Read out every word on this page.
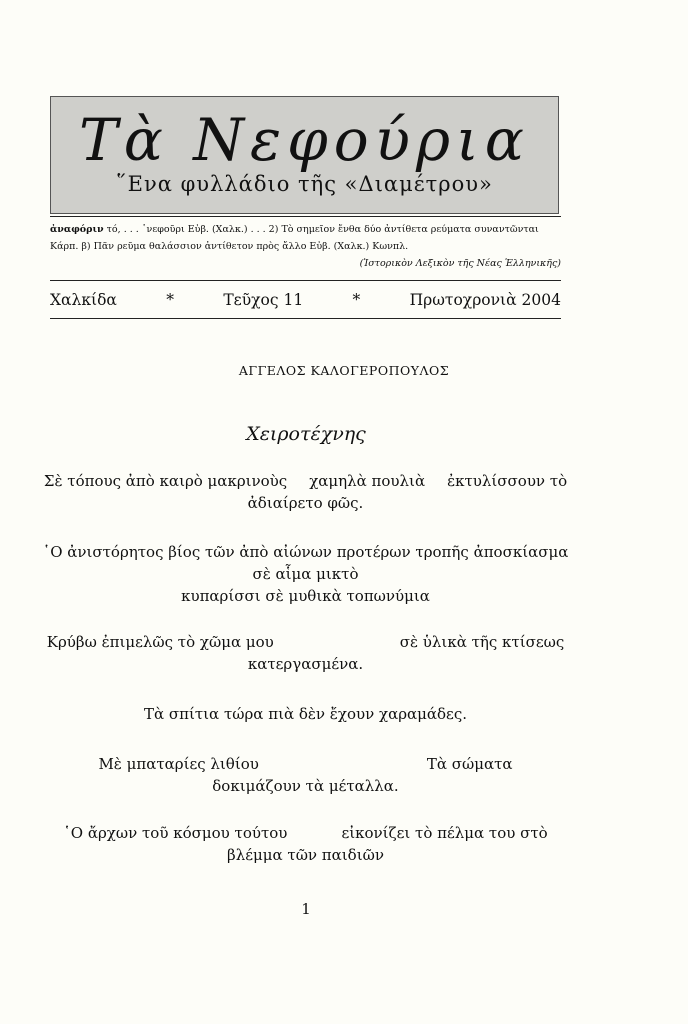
Τὰ Νεφούρια
῞Ενα φυλλάδιο τῆς «Διαμέτρου»
ἀναφόριν τό, . . . ῾νεφοῦρι Εὐβ. (Χαλκ.) . . . 2) Τὸ σημεῖον ἔνθα δύο ἀντίθετα ρεύματα συναντῶνται
Κάρπ. β) Πᾶν ρεῦμα θαλάσσιον ἀντίθετον πρὸς ἄλλο Εὐβ. (Χαλκ.) Κωνπλ.
(Ἱστορικὸν Λεξικὸν τῆς Νέας Ἑλληνικῆς)
Χαλκίδα	*	Τεῦχος 11	*	Πρωτοχρονιὰ 2004
ΑΓΓΕΛΟΣ ΚΑΛΟΓΕΡΟΠΟΥΛΟΣ
Χειροτέχνης
Σὲ τόπους ἀπὸ καιρὸ μακρινοὺς χαμηλὰ πουλιὰ ἐκτυλίσσουν τὸ
ἀδιαίρετο φῶς.
῾Ο ἀνιστόρητος βίος τῶν ἀπὸ αἰώνων προτέρων τροπῆς ἀποσκίασμα
σὲ αἷμα μικτὸ
κυπαρίσσι σὲ μυθικὰ τοπωνύμια
Κρύβω ἐπιμελῶς τὸ χῶμα μου	σὲ ὑλικὰ τῆς κτίσεως
κατεργασμένα.
Τὰ σπίτια τώρα πιὰ δὲν ἔχουν χαραμάδες.
Μὲ μπαταρίες λιθίου	Τὰ σώματα
δοκιμάζουν τὰ μέταλλα.
῾Ο ἄρχων τοῦ κόσμου τούτου	εἰκονίζει τὸ πέλμα του στὸ
βλέμμα τῶν παιδιῶν
1
